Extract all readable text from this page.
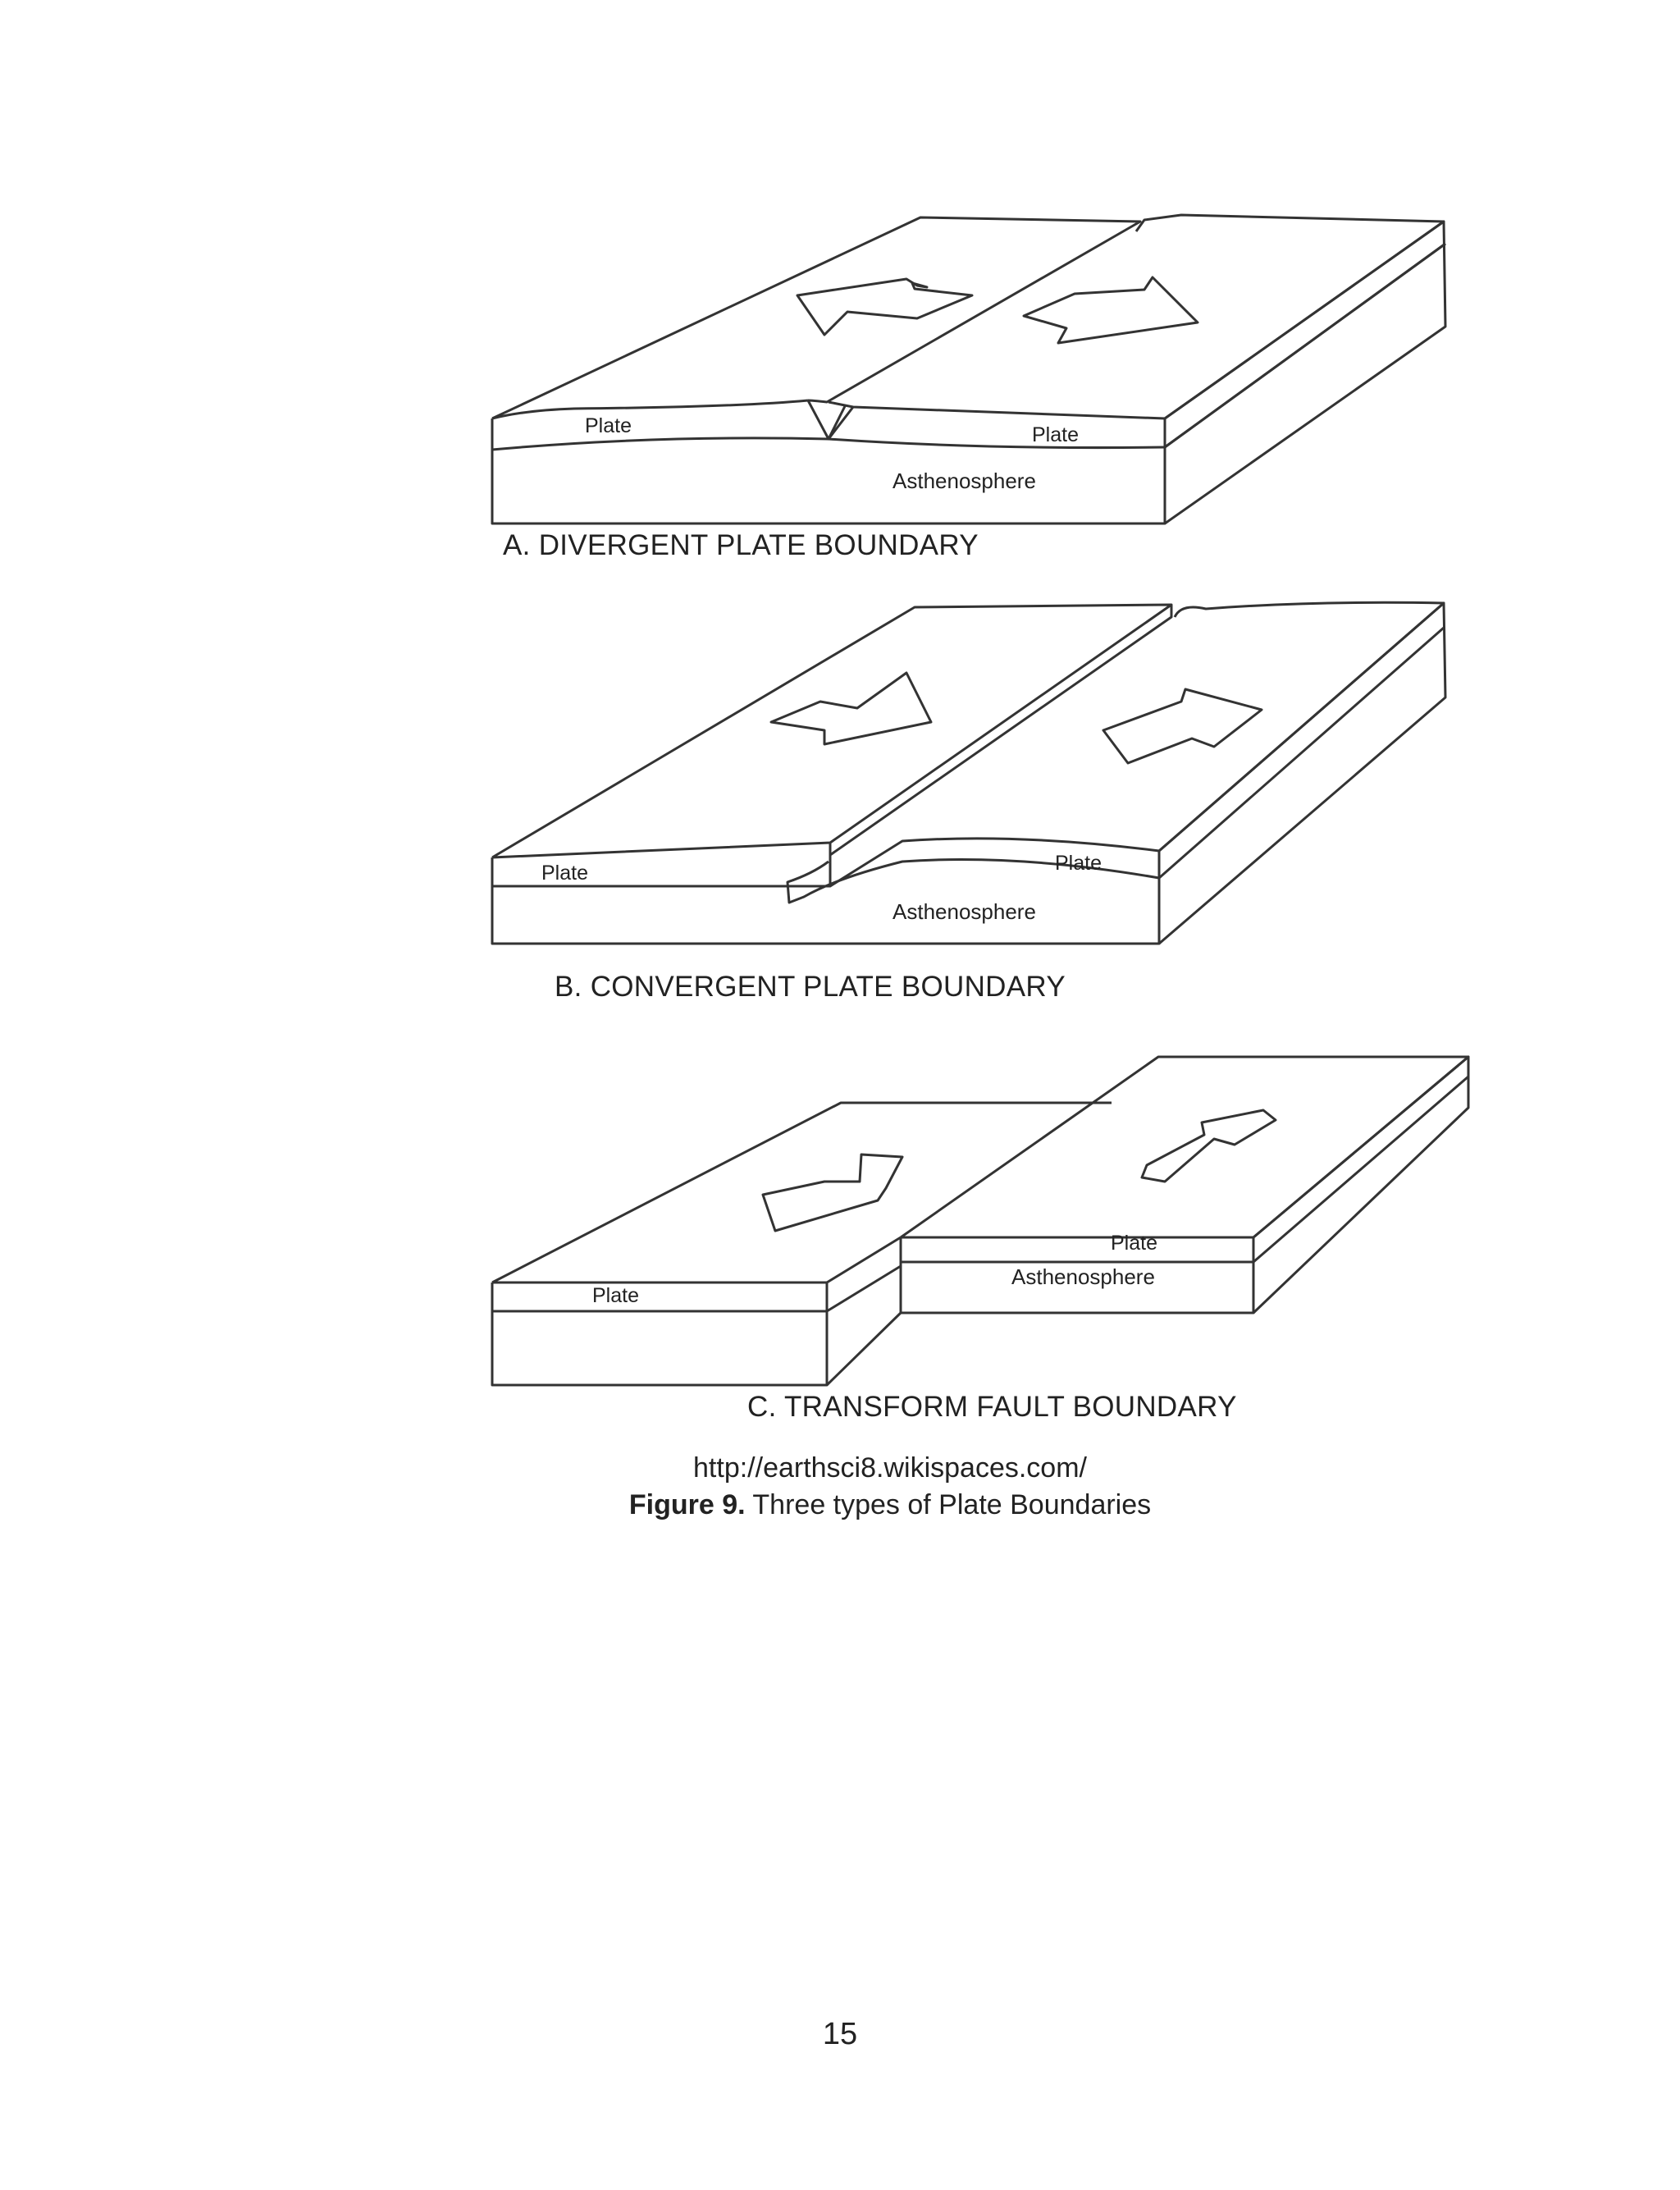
Plate	Plate
Asthenosphere
A. DIVERGENT PLATE BOUNDARY
Plate	Plate
Asthenosphere
B. CONVERGENT PLATE BOUNDARY
Plate
Plate
Asthenosphere
C. TRANSFORM FAULT BOUNDARY
http://earthsci8.wikispaces.com/
Figure 9. Three types of Plate Boundaries
15
